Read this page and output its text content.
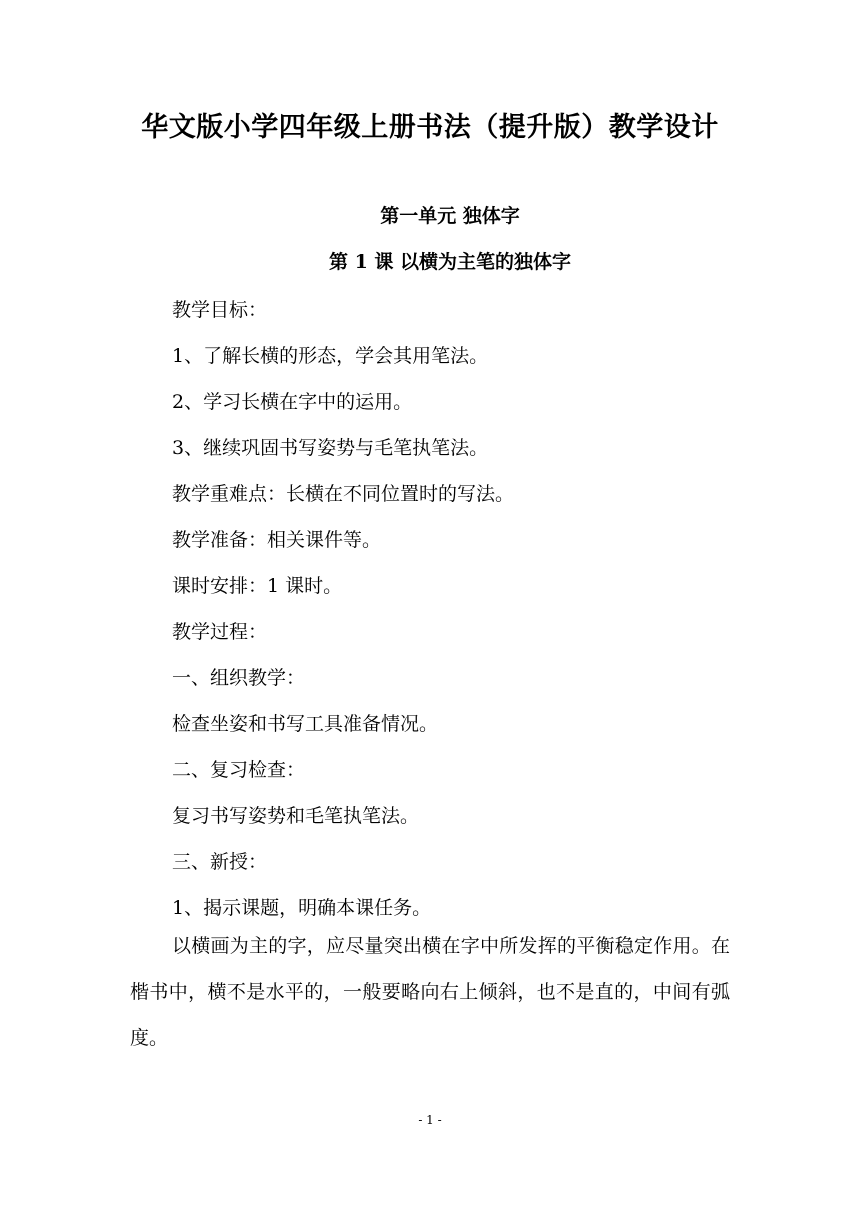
华文版小学四年级上册书法（提升版）教学设计
第一单元 独体字
第 1 课 以横为主笔的独体字

教学目标：

1、了解长横的形态，学会其用笔法。

2、学习长横在字中的运用。

3、继续巩固书写姿势与毛笔执笔法。

教学重难点：长横在不同位置时的写法。

教学准备：相关课件等。

课时安排：1 课时。

教学过程：

一、组织教学：

检查坐姿和书写工具准备情况。

二、复习检查：

复习书写姿势和毛笔执笔法。

三、新授：

1、揭示课题，明确本课任务。

以横画为主的字，应尽量突出横在字中所发挥的平衡稳定作用。在楷书中，横不是水平的，一般要略向右上倾斜，也不是直的，中间有弧度。

- 1 -
